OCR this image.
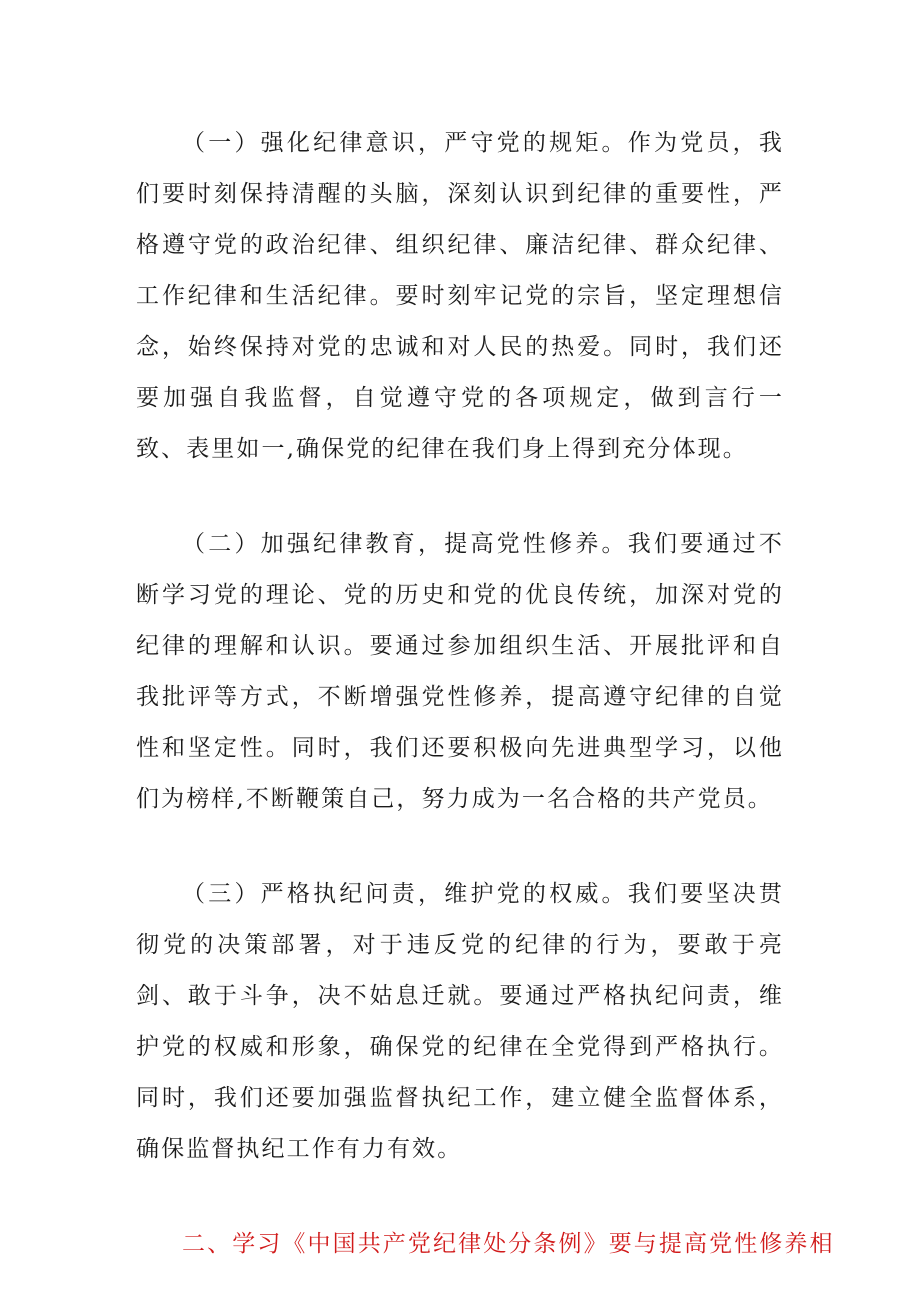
（一）强化纪律意识，严守党的规矩。作为党员，我们要时刻保持清醒的头脑，深刻认识到纪律的重要性，严格遵守党的政治纪律、组织纪律、廉洁纪律、群众纪律、工作纪律和生活纪律。要时刻牢记党的宗旨，坚定理想信念，始终保持对党的忠诚和对人民的热爱。同时，我们还要加强自我监督，自觉遵守党的各项规定，做到言行一致、表里如一,确保党的纪律在我们身上得到充分体现。

（二）加强纪律教育，提高党性修养。我们要通过不断学习党的理论、党的历史和党的优良传统，加深对党的纪律的理解和认识。要通过参加组织生活、开展批评和自我批评等方式，不断增强党性修养，提高遵守纪律的自觉性和坚定性。同时，我们还要积极向先进典型学习，以他们为榜样,不断鞭策自己，努力成为一名合格的共产党员。

（三）严格执纪问责，维护党的权威。我们要坚决贯彻党的决策部署，对于违反党的纪律的行为，要敢于亮剑、敢于斗争，决不姑息迁就。要通过严格执纪问责，维护党的权威和形象，确保党的纪律在全党得到严格执行。同时，我们还要加强监督执纪工作，建立健全监督体系，确保监督执纪工作有力有效。

二、学习《中国共产党纪律处分条例》要与提高党性修养相
